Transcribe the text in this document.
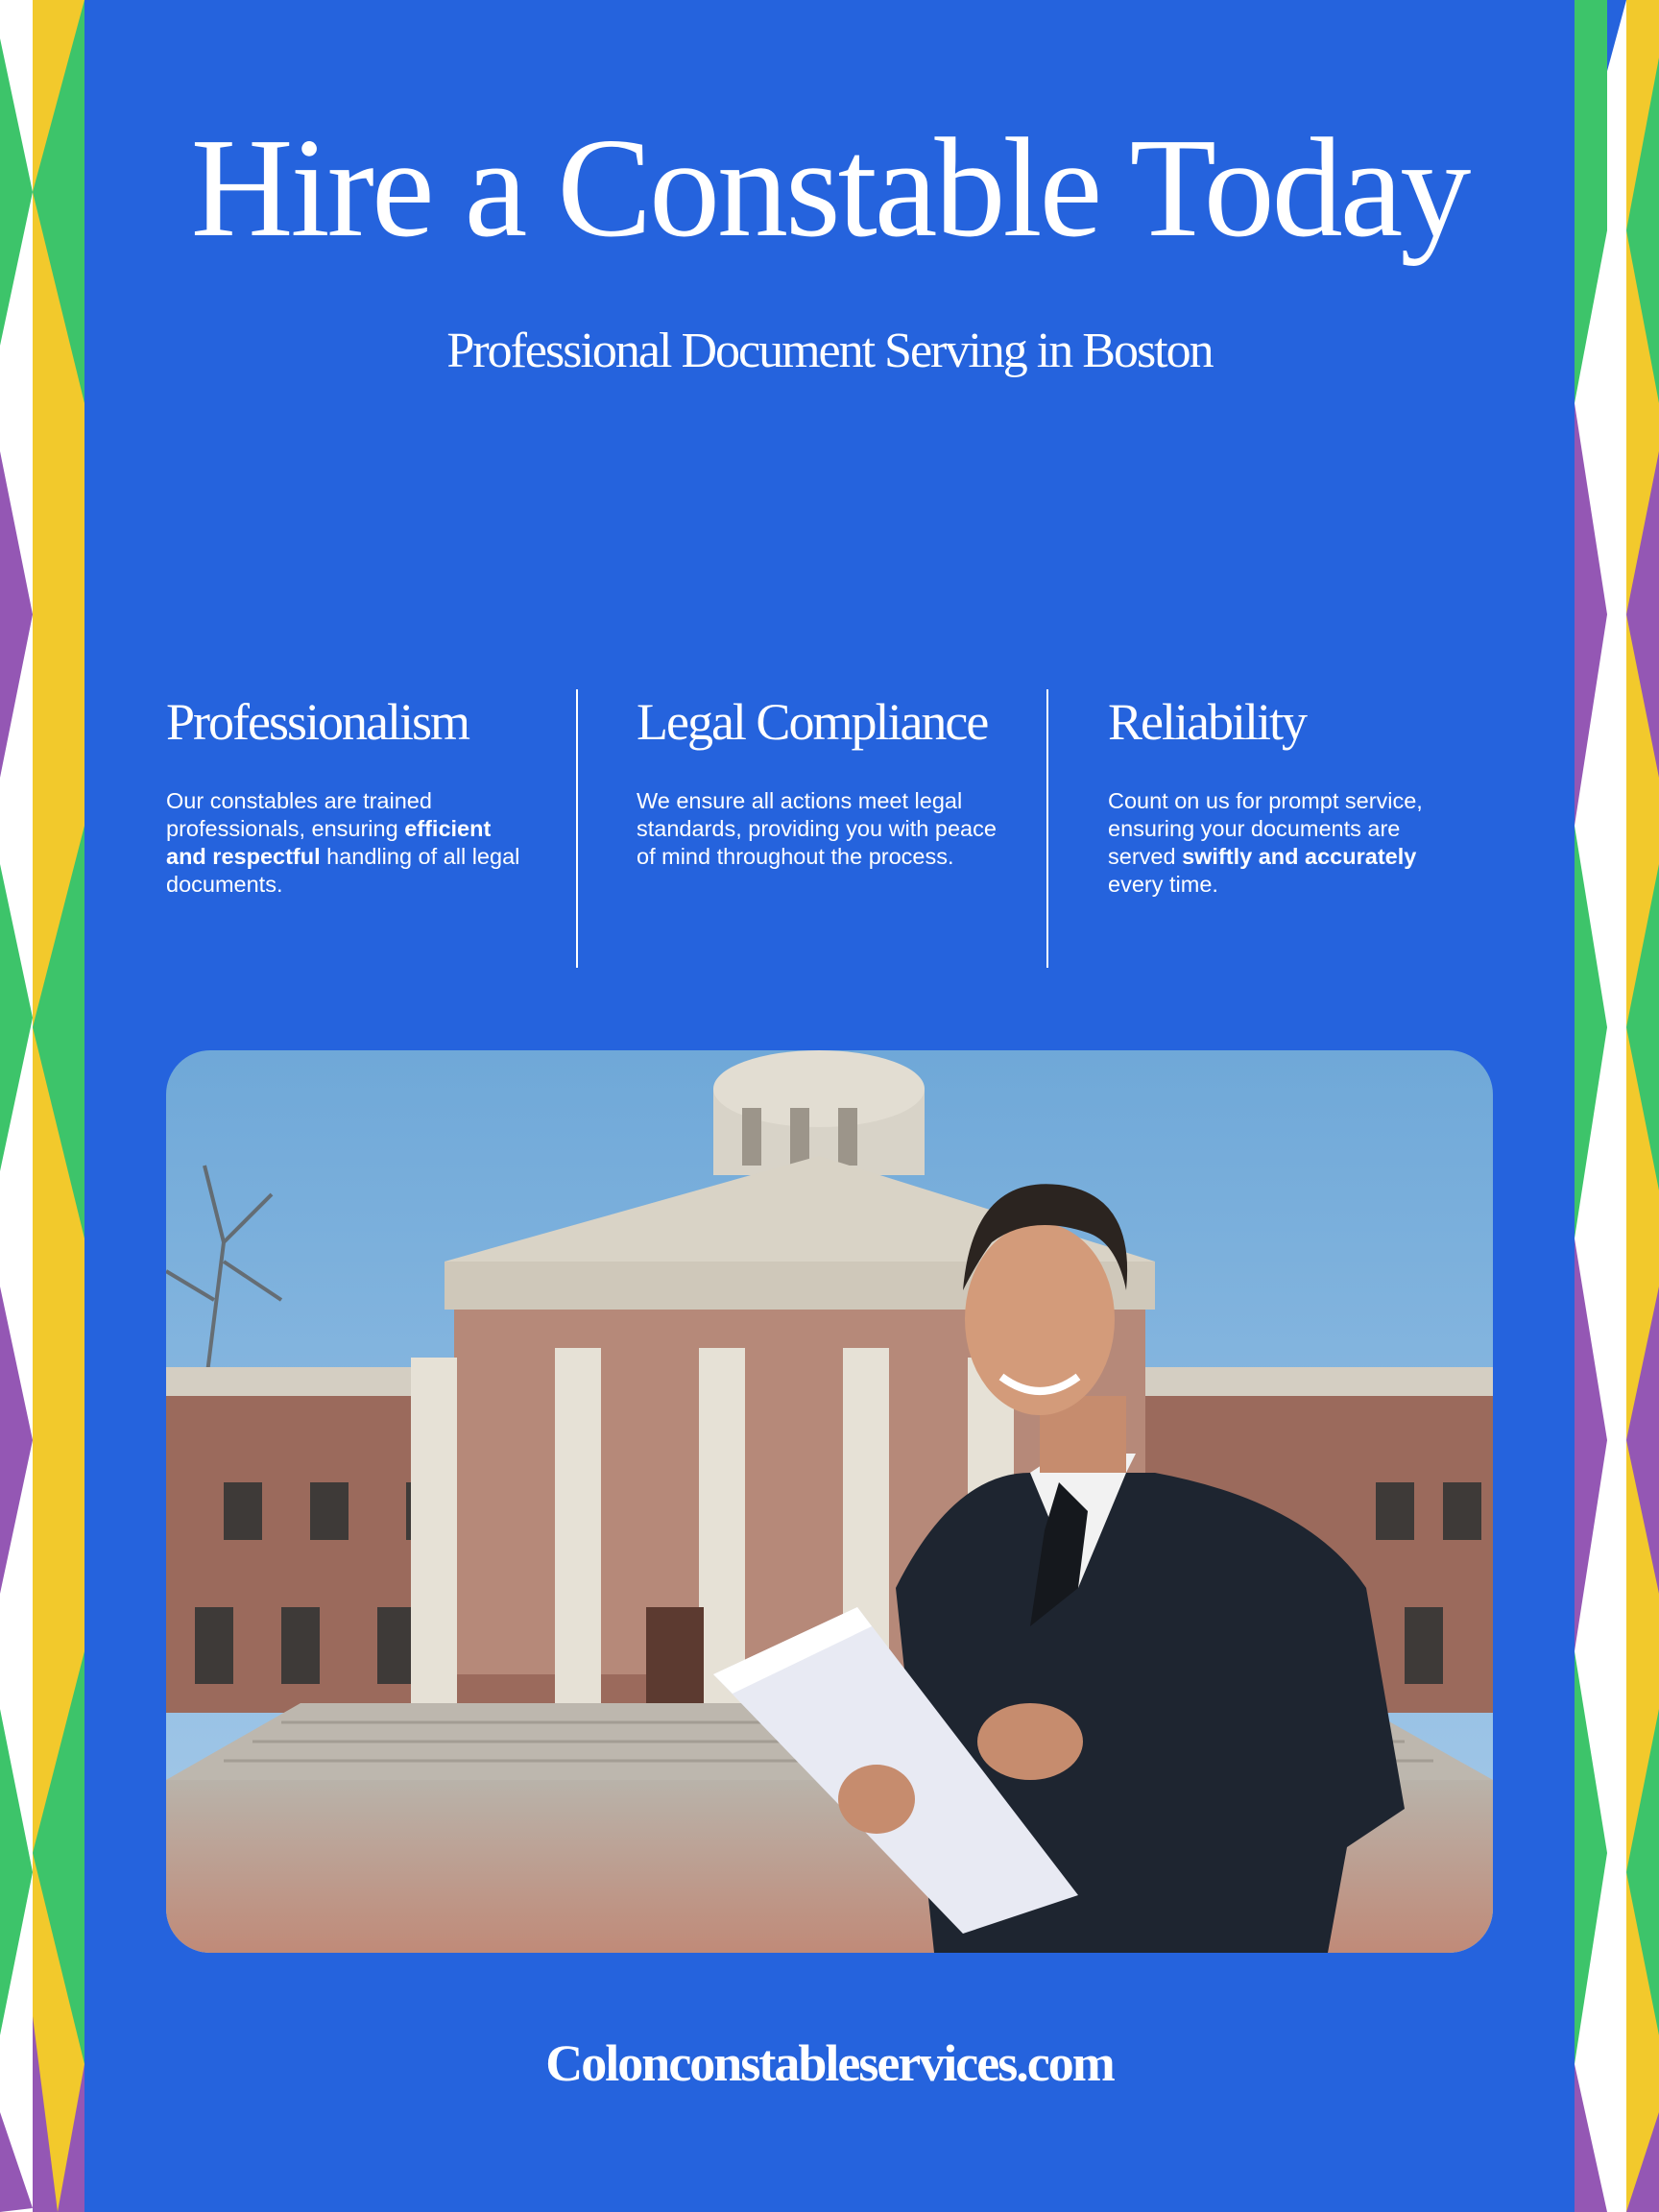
Hire a Constable Today
Professional Document Serving in Boston
Professionalism

Our constables are trained professionals, ensuring efficient and respectful handling of all legal documents.

Legal Compliance

We ensure all actions meet legal standards, providing you with peace of mind throughout the process.

Reliability

Count on us for prompt service, ensuring your documents are served swiftly and accurately every time.

Colonconstableservices.com
